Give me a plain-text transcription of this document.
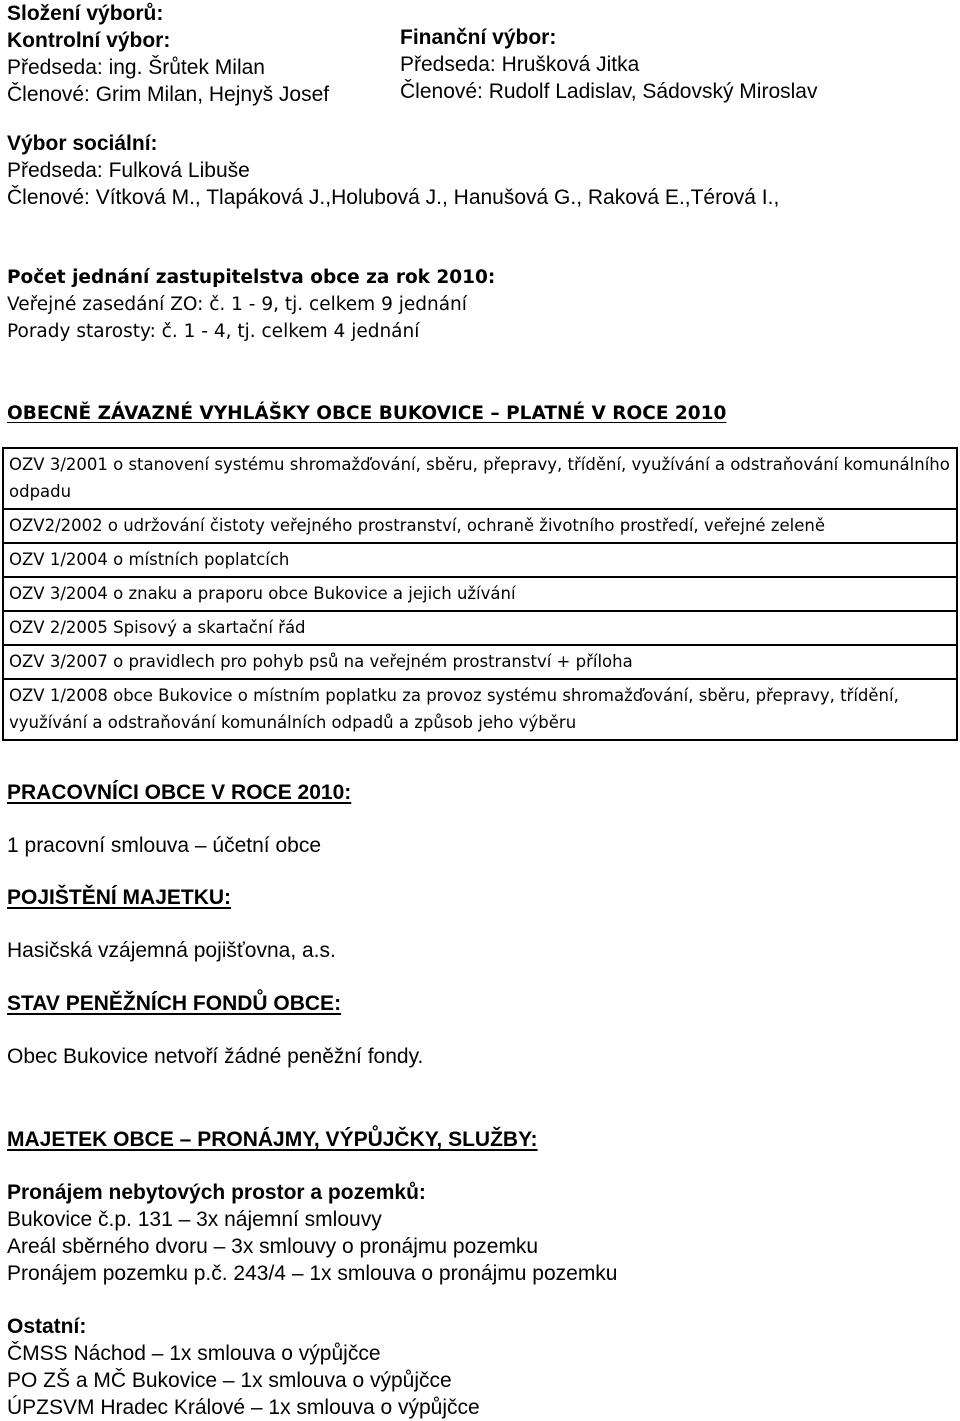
Složení výborů:
Kontrolní výbor:
Předseda: ing. Šrůtek Milan
Členové: Grim Milan, Hejnyš Josef
Finanční výbor:
Předseda: Hrušková Jitka
Členové: Rudolf Ladislav, Sádovský Miroslav
Výbor sociální:
Předseda: Fulková Libuše
Členové: Vítková M., Tlapáková J.,Holubová J., Hanušová G., Raková E.,Térová I.,
Počet jednání zastupitelstva obce za rok 2010:
Veřejné zasedání ZO: č. 1 - 9, tj. celkem 9 jednání
Porady starosty: č. 1 - 4, tj. celkem 4 jednání
OBECNĚ ZÁVAZNÉ VYHLÁŠKY OBCE BUKOVICE – PLATNÉ V ROCE 2010
OZV 3/2001 o stanovení systému shromažďování, sběru, přepravy, třídění, využívání a odstraňování komunálního odpadu
OZV2/2002 o udržování čistoty veřejného prostranství, ochraně životního prostředí, veřejné zeleně
OZV 1/2004 o místních poplatcích
OZV 3/2004 o znaku a praporu obce Bukovice a jejich užívání
OZV 2/2005 Spisový a skartační řád
OZV 3/2007 o pravidlech pro pohyb psů na veřejném prostranství + příloha
OZV 1/2008 obce Bukovice o místním poplatku za provoz systému shromažďování, sběru, přepravy, třídění, využívání a odstraňování komunálních odpadů a způsob jeho výběru
PRACOVNÍCI OBCE V ROCE 2010:
1 pracovní smlouva – účetní obce
POJIŠTĚNÍ MAJETKU:
Hasičská vzájemná pojišťovna, a.s.
STAV PENĚŽNÍCH FONDŮ OBCE:
Obec Bukovice netvoří žádné peněžní fondy.
MAJETEK OBCE – PRONÁJMY, VÝPŮJČKY, SLUŽBY:
Pronájem nebytových prostor a pozemků:
Bukovice č.p. 131 – 3x nájemní smlouvy
Areál sběrného dvoru – 3x smlouvy o pronájmu pozemku
Pronájem pozemku p.č. 243/4 – 1x smlouva o pronájmu pozemku
Ostatní:
ČMSS Náchod – 1x smlouva o výpůjčce
PO ZŠ a MČ Bukovice – 1x smlouva o výpůjčce
ÚPZSVM Hradec Králové – 1x smlouva o výpůjčce
